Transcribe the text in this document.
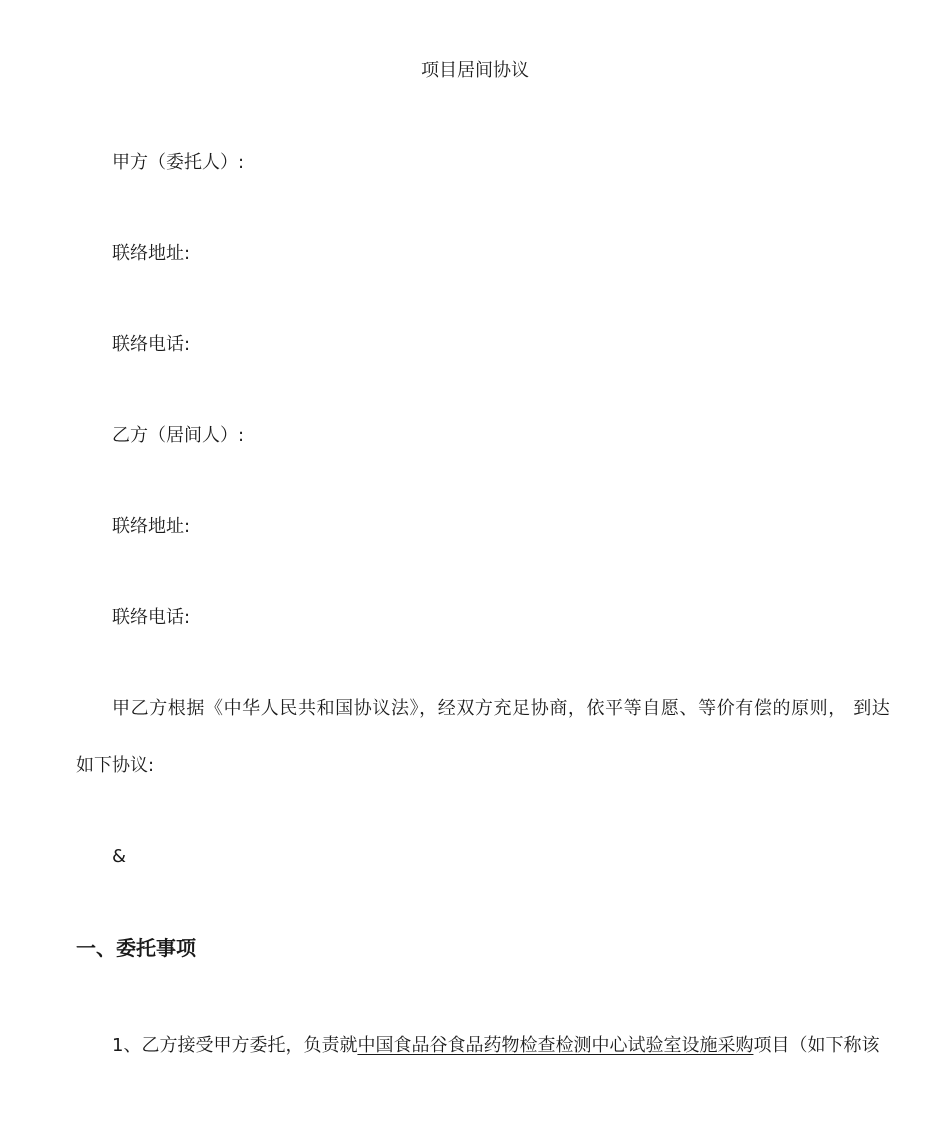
项目居间协议
甲方（委托人）:
联络地址:
联络电话:
乙方（居间人）:
联络地址:
联络电话:
甲乙方根据《中华人民共和国协议法》，经双方充足协商，依平等自愿、等价有偿的原则， 到达
如下协议:
&
一、委托事项
1、乙方接受甲方委托，负责就中国食品谷食品药物检查检测中心试验室设施采购项目（如下称该
